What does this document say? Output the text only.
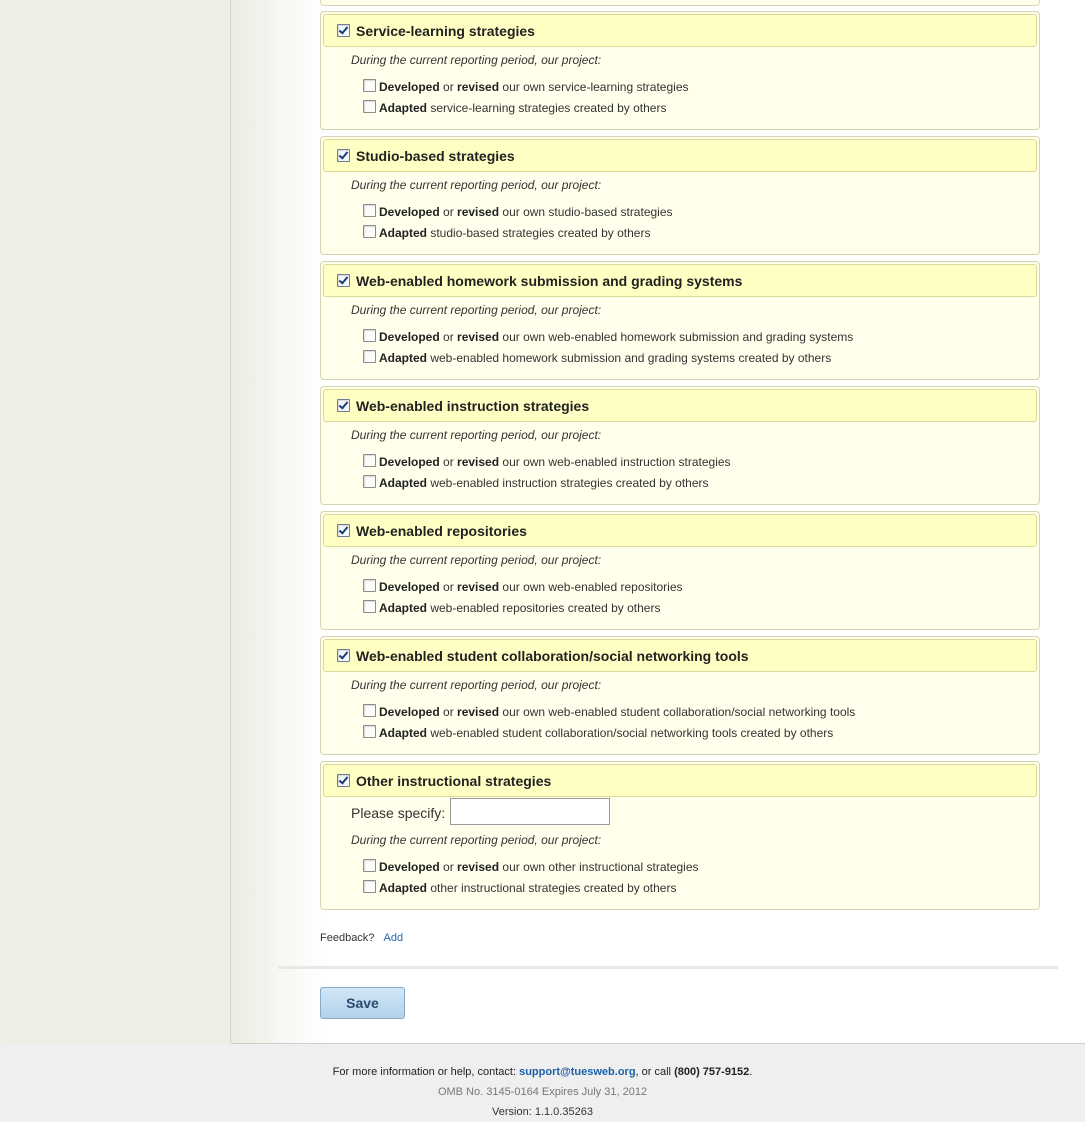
Service-learning strategies
During the current reporting period, our project:
Developed or revised our own service-learning strategies
Adapted service-learning strategies created by others
Studio-based strategies
During the current reporting period, our project:
Developed or revised our own studio-based strategies
Adapted studio-based strategies created by others
Web-enabled homework submission and grading systems
During the current reporting period, our project:
Developed or revised our own web-enabled homework submission and grading systems
Adapted web-enabled homework submission and grading systems created by others
Web-enabled instruction strategies
During the current reporting period, our project:
Developed or revised our own web-enabled instruction strategies
Adapted web-enabled instruction strategies created by others
Web-enabled repositories
During the current reporting period, our project:
Developed or revised our own web-enabled repositories
Adapted web-enabled repositories created by others
Web-enabled student collaboration/social networking tools
During the current reporting period, our project:
Developed or revised our own web-enabled student collaboration/social networking tools
Adapted web-enabled student collaboration/social networking tools created by others
Other instructional strategies
Please specify:
During the current reporting period, our project:
Developed or revised our own other instructional strategies
Adapted other instructional strategies created by others
Feedback? Add
Save
For more information or help, contact: support@tuesweb.org, or call (800) 757-9152.
OMB No. 3145-0164 Expires July 31, 2012
Version: 1.1.0.35263
